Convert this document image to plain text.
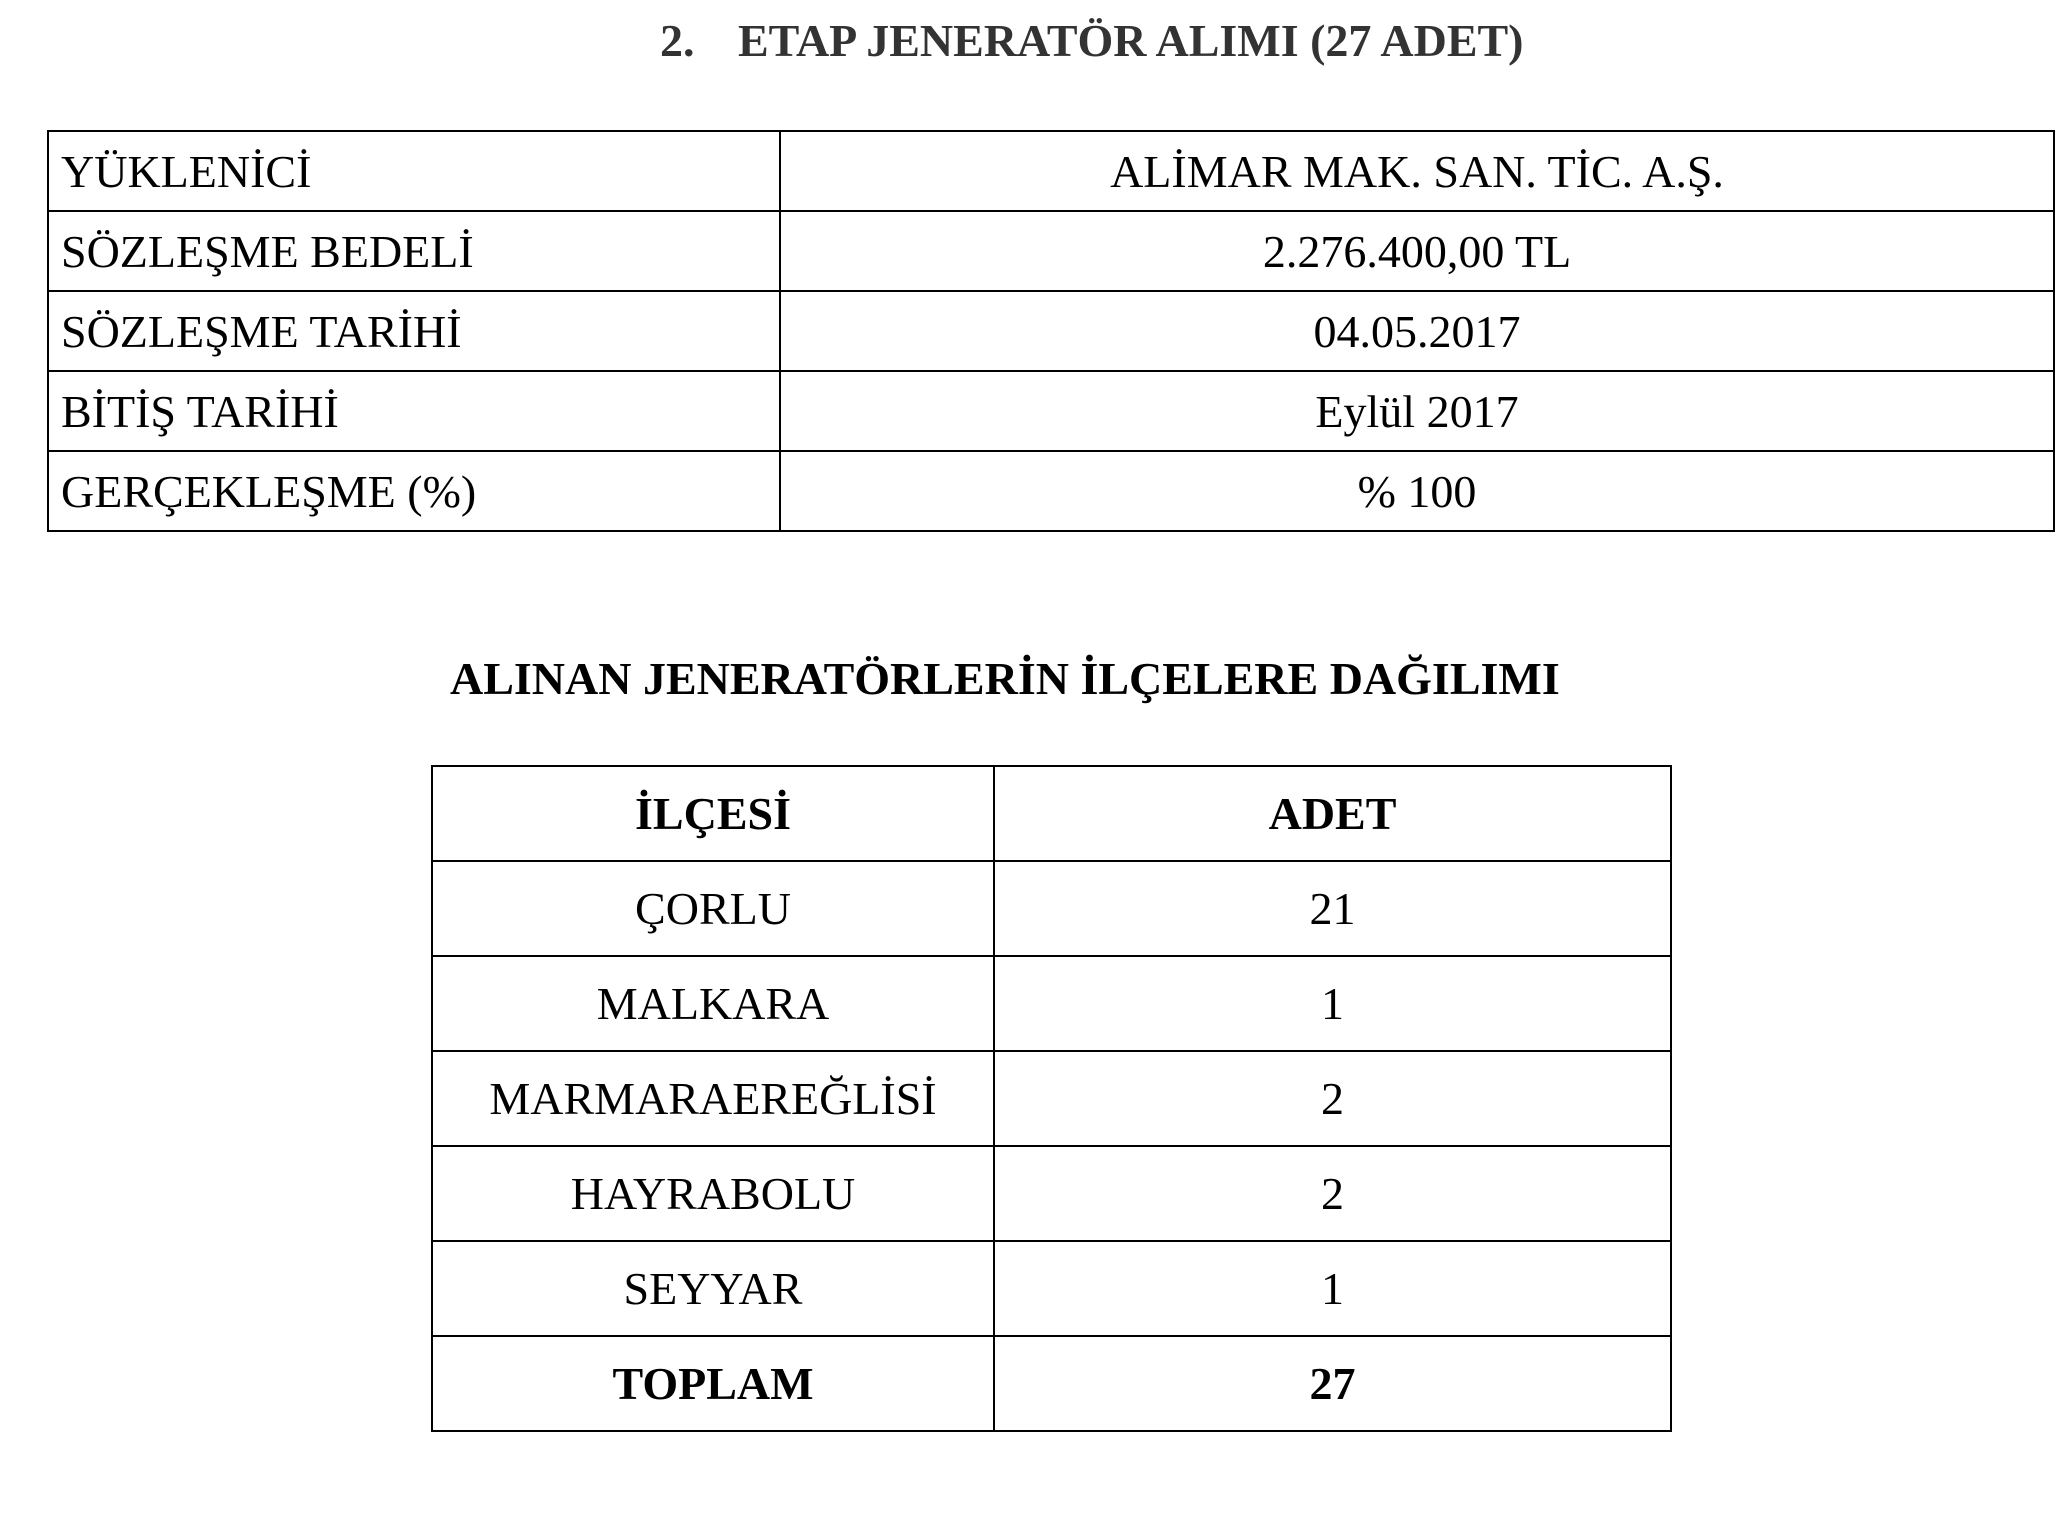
2. ETAP JENERATÖR ALIMI (27 ADET)
YÜKLENİCİ	ALİMAR MAK. SAN. TİC. A.Ş.
SÖZLEŞME BEDELİ	2.276.400,00 TL
SÖZLEŞME TARİHİ	04.05.2017
BİTİŞ TARİHİ	Eylül 2017
GERÇEKLEŞME (%)	% 100
ALINAN JENERATÖRLERİN İLÇELERE DAĞILIMI
İLÇESİ	ADET
ÇORLU	21
MALKARA	1
MARMARAEREĞLİSİ	2
HAYRABOLU	2
SEYYAR	1
TOPLAM	27
